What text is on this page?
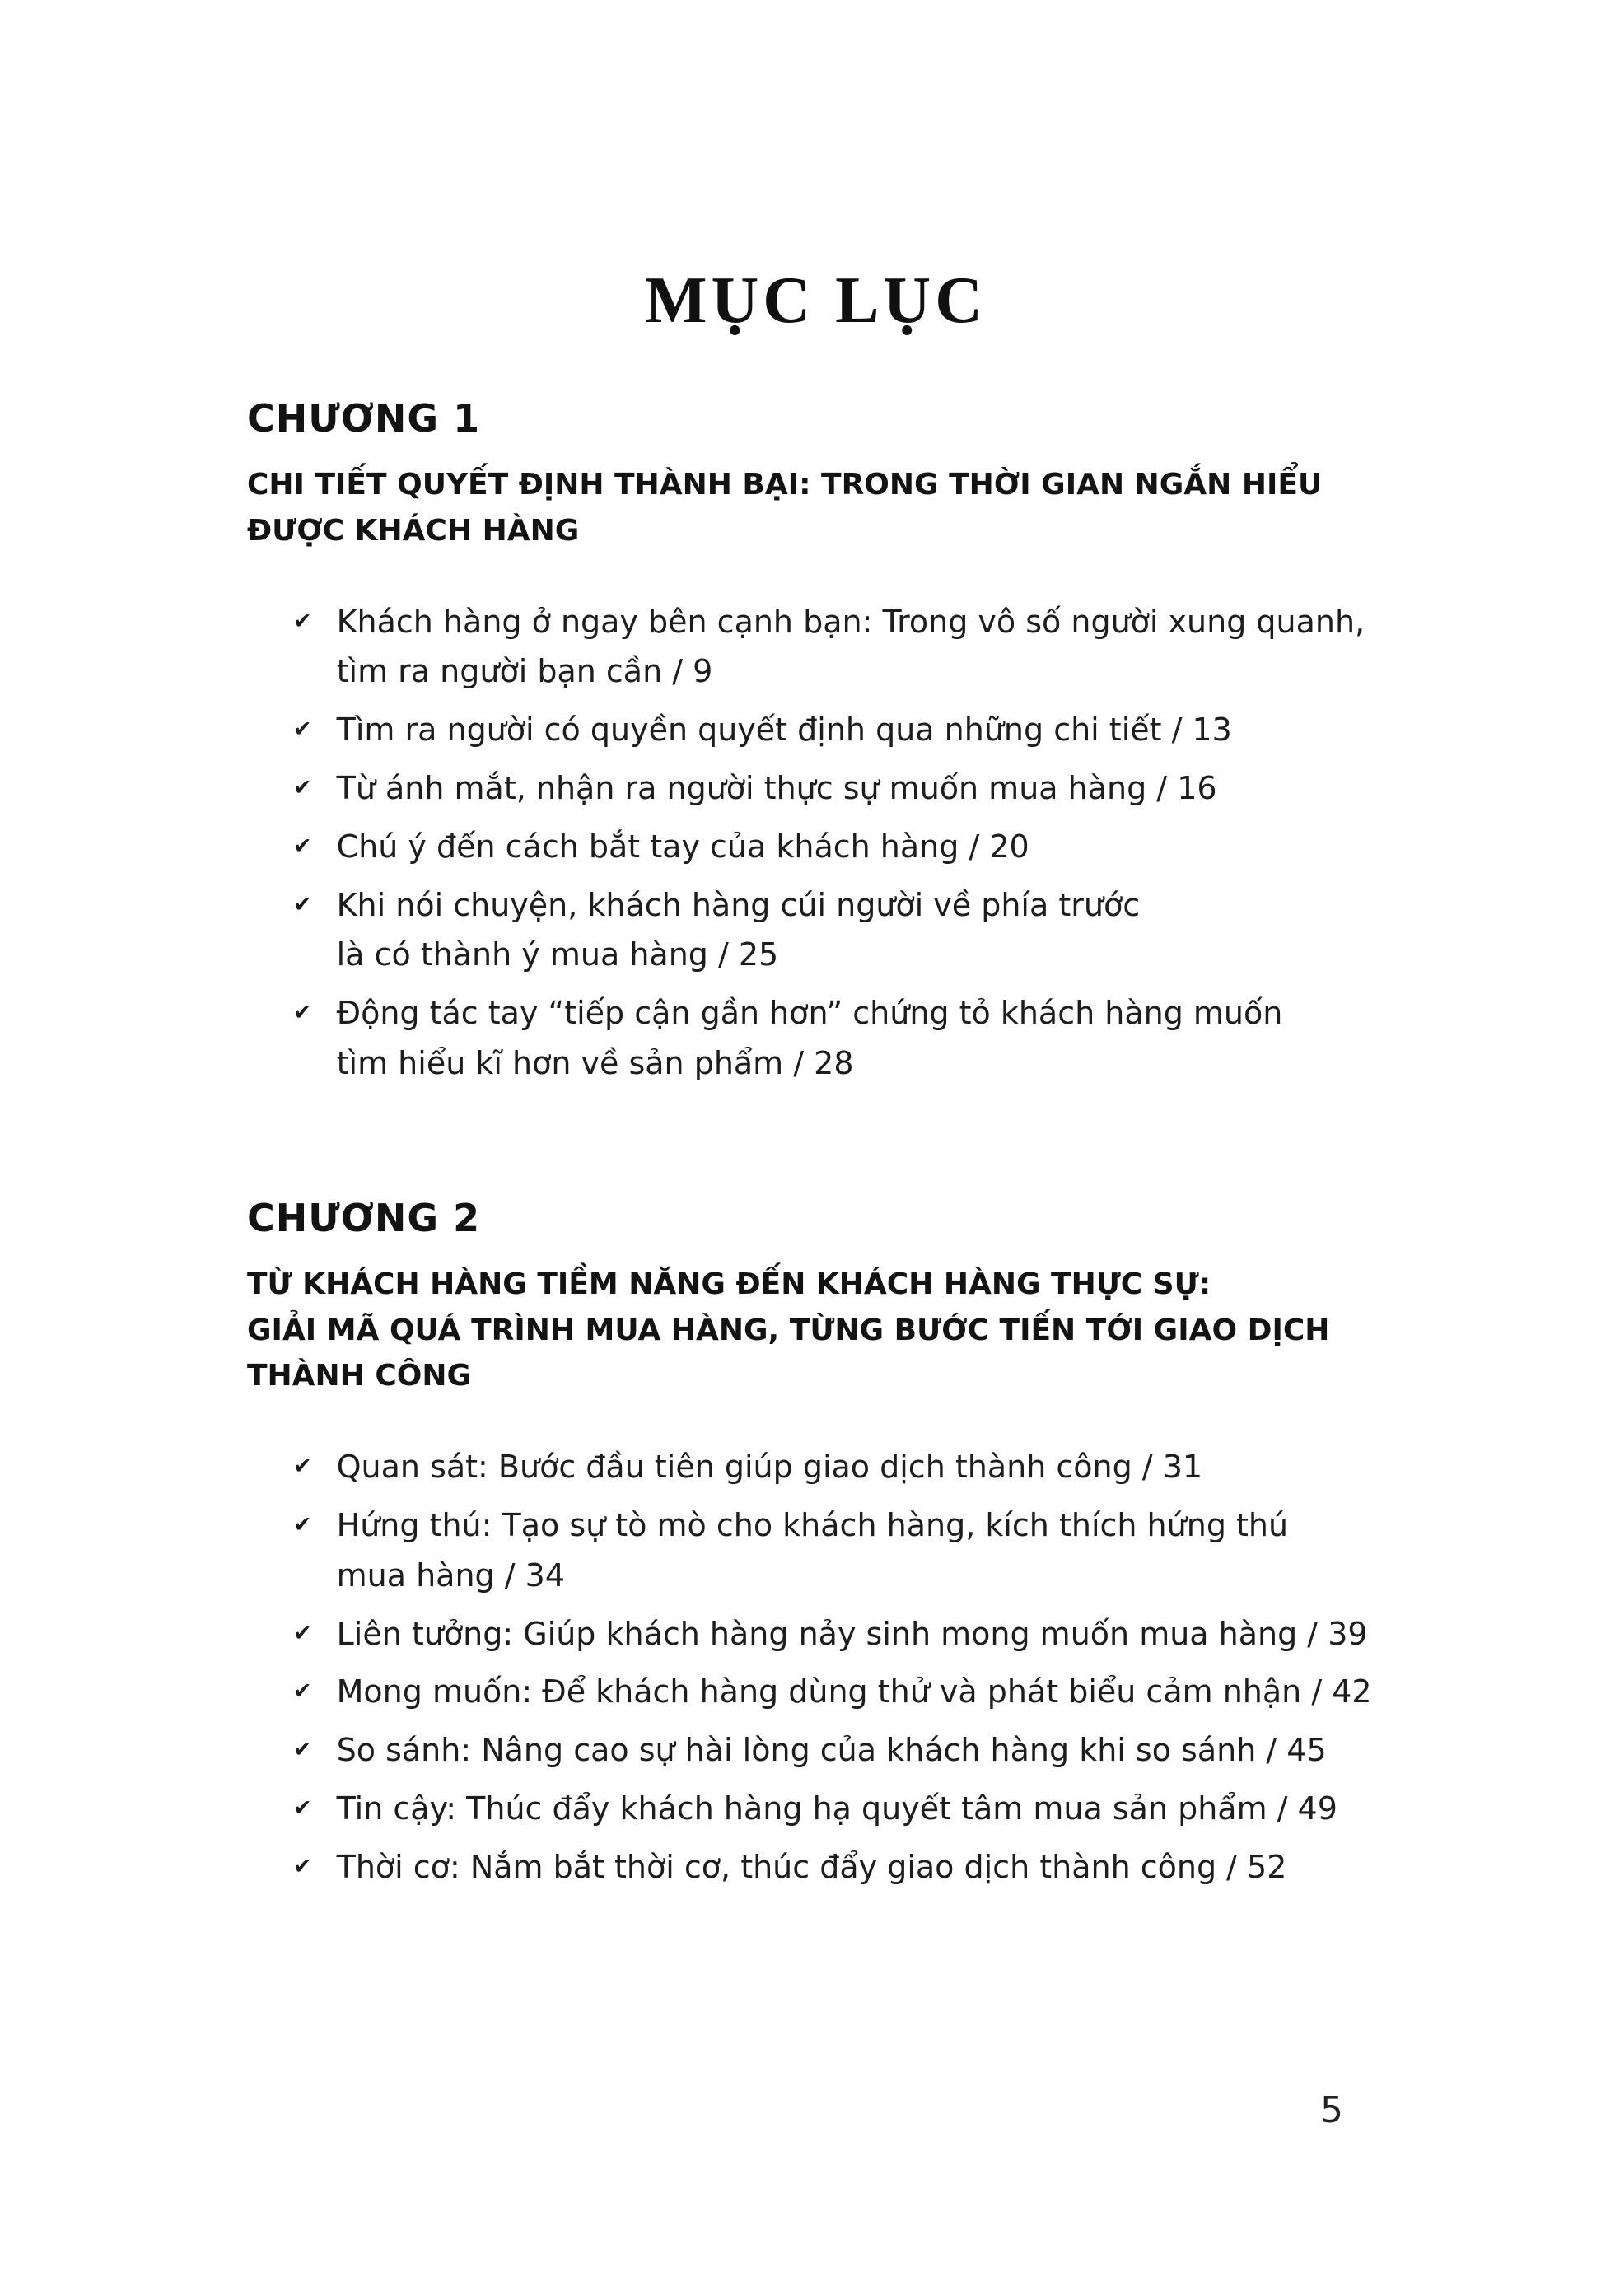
MỤC LỤC
CHƯƠNG 1
CHI TIẾT QUYẾT ĐỊNH THÀNH BẠI: TRONG THỜI GIAN NGẮN HIỂU
ĐƯỢC KHÁCH HÀNG
✔ Khách hàng ở ngay bên cạnh bạn: Trong vô số người xung quanh,
tìm ra người bạn cần / 9
✔ Tìm ra người có quyền quyết định qua những chi tiết / 13
✔ Từ ánh mắt, nhận ra người thực sự muốn mua hàng / 16
✔ Chú ý đến cách bắt tay của khách hàng / 20
✔ Khi nói chuyện, khách hàng cúi người về phía trước
là có thành ý mua hàng / 25
✔ Động tác tay “tiếp cận gần hơn” chứng tỏ khách hàng muốn
tìm hiểu kĩ hơn về sản phẩm / 28
CHƯƠNG 2
TỪ KHÁCH HÀNG TIỀM NĂNG ĐẾN KHÁCH HÀNG THỰC SỰ:
GIẢI MÃ QUÁ TRÌNH MUA HÀNG, TỪNG BƯỚC TIẾN TỚI GIAO DỊCH
THÀNH CÔNG
✔ Quan sát: Bước đầu tiên giúp giao dịch thành công / 31
✔ Hứng thú: Tạo sự tò mò cho khách hàng, kích thích hứng thú
mua hàng / 34
✔ Liên tưởng: Giúp khách hàng nảy sinh mong muốn mua hàng / 39
✔ Mong muốn: Để khách hàng dùng thử và phát biểu cảm nhận / 42
✔ So sánh: Nâng cao sự hài lòng của khách hàng khi so sánh / 45
✔ Tin cậy: Thúc đẩy khách hàng hạ quyết tâm mua sản phẩm / 49
✔ Thời cơ: Nắm bắt thời cơ, thúc đẩy giao dịch thành công / 52
5
